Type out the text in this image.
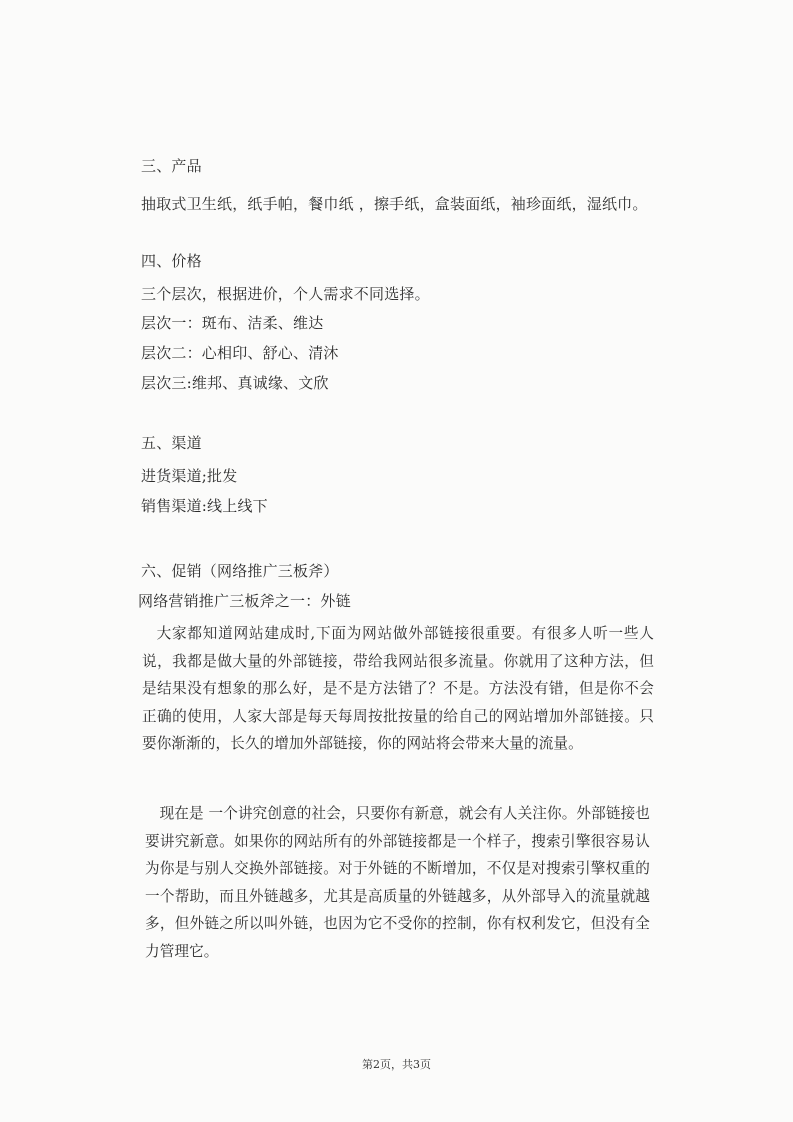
三、产品

抽取式卫生纸，纸手帕，餐巾纸 ，擦手纸，盒装面纸，袖珍面纸，湿纸巾。

四、价格

三个层次，根据进价，个人需求不同选择。

层次一：斑布、洁柔、维达

层次二：心相印、舒心、清沐

层次三:维邦、真诚缘、文欣

五、渠道

进货渠道;批发

销售渠道:线上线下

六、促销（网络推广三板斧）

网络营销推广三板斧之一：外链

大家都知道网站建成时,下面为网站做外部链接很重要。有很多人听一些人说，我都是做大量的外部链接，带给我网站很多流量。你就用了这种方法，但是结果没有想象的那么好，是不是方法错了？不是。方法没有错，但是你不会正确的使用，人家大部是每天每周按批按量的给自己的网站增加外部链接。只要你渐渐的，长久的增加外部链接，你的网站将会带来大量的流量。

现在是 一个讲究创意的社会，只要你有新意，就会有人关注你。外部链接也要讲究新意。如果你的网站所有的外部链接都是一个样子，搜索引擎很容易认为你是与别人交换外部链接。对于外链的不断增加，不仅是对搜索引擎权重的 一个帮助，而且外链越多，尤其是高质量的外链越多，从外部导入的流量就越多，但外链之所以叫外链，也因为它不受你的控制，你有权利发它，但没有全力管理它。

第2页，共3页
